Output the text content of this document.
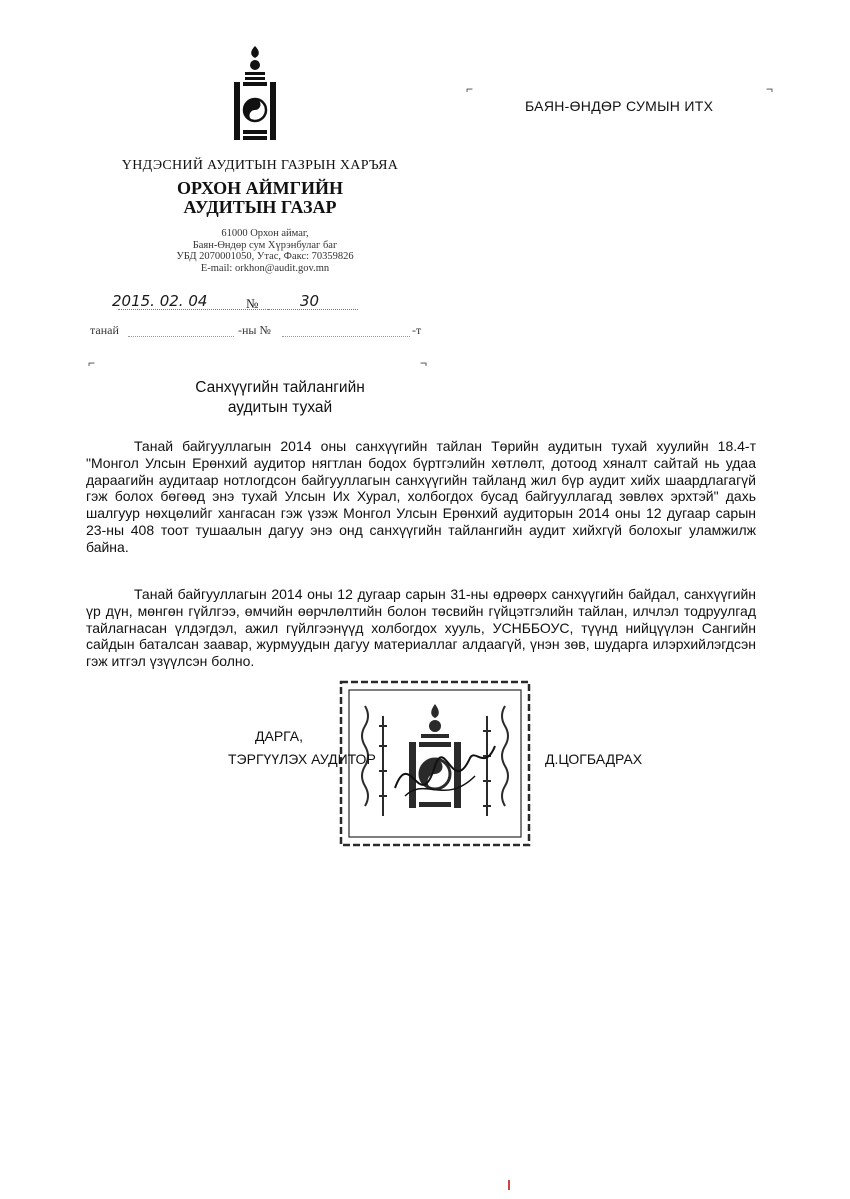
ҮНДЭСНИЙ АУДИТЫН ГАЗРЫН ХАРЪЯА
ОРХОН АЙМГИЙН
АУДИТЫН ГАЗАР
61000 Орхон аймаг,
Баян-Өндөр сум Хүрэнбулаг баг
УБД 2070001050, Утас, Факс: 70359826
E-mail: orkhon@audit.gov.mn
⌐	¬
БАЯН-ӨНДӨР СУМЫН ИТХ
2015. 02. 04	№	30
танай	-ны №	-т
⌐	¬
Санхүүгийн тайлангийн
аудитын тухай

Танай байгууллагын 2014 оны санхүүгийн тайлан Төрийн аудитын тухай хуулийн 18.4-т "Монгол Улсын Ерөнхий аудитор нягтлан бодох бүртгэлийн хөтлөлт, дотоод хяналт сайтай нь удаа дараагийн аудитаар нотлогдсон байгууллагын санхүүгийн тайланд жил бүр аудит хийх шаардлагагүй гэж болох бөгөөд энэ тухай Улсын Их Хурал, холбогдох бусад байгууллагад зөвлөх эрхтэй" дахь шалгуур нөхцөлийг хангасан гэж үзэж Монгол Улсын Ерөнхий аудиторын 2014 оны 12 дугаар сарын 23-ны 408 тоот тушаалын дагуу энэ онд санхүүгийн тайлангийн аудит хийхгүй болохыг уламжилж байна.

Танай байгууллагын 2014 оны 12 дугаар сарын 31-ны өдрөөрх санхүүгийн байдал, санхүүгийн үр дүн, мөнгөн гүйлгээ, өмчийн өөрчлөлтийн болон төсвийн гүйцэтгэлийн тайлан, илчлэл тодруулгад тайлагнасан үлдэгдэл, ажил гүйлгээнүүд холбогдох хууль, УСНББОУС, түүнд нийцүүлэн Сангийн сайдын баталсан заавар, журмуудын дагуу материаллаг алдаагүй, үнэн зөв, шударга илэрхийлэгдсэн гэж итгэл үзүүлсэн болно.

ДАРГА,
ТЭРГҮҮЛЭХ АУДИТОР	Д.ЦОГБАДРАХ
